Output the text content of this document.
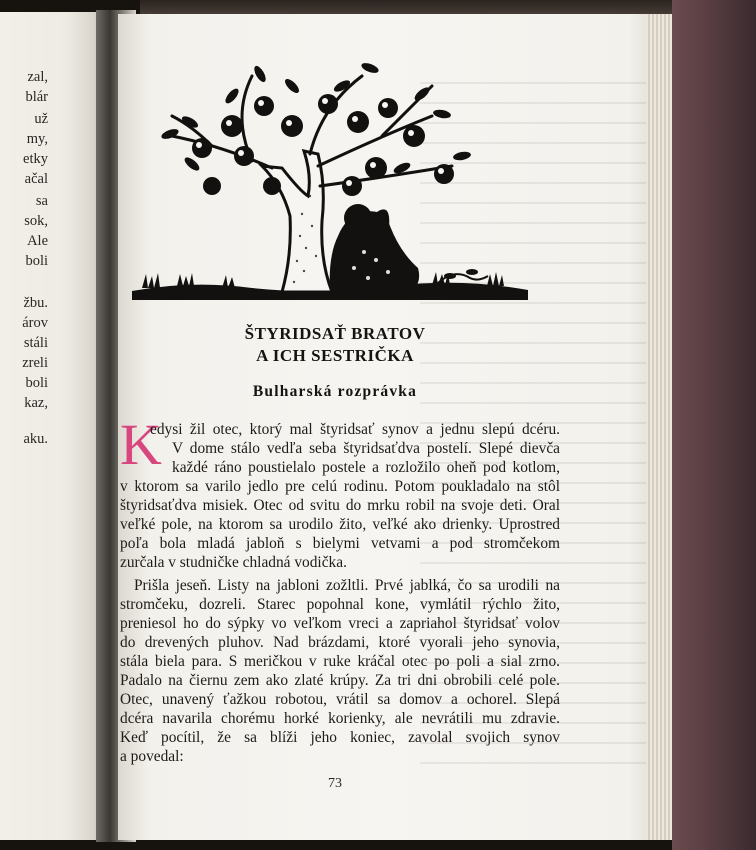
zal,
blár
už
my,
etky
ačal
sa
sok,
Ale
boli
žbu.
árov
stáli
zreli
boli
kaz,
aku.
ŠTYRIDSAŤ BRATOV
A ICH SESTRIČKA
Bulharská rozprávka
K
edysi žil otec, ktorý mal štyridsať synov a jednu slepú dcéru.
V dome stálo vedľa seba štyridsaťdva postelí. Slepé dievča
každé ráno poustielalo postele a rozložilo oheň pod kotlom,
v ktorom sa varilo jedlo pre celú rodinu. Potom poukladalo na stôl
štyridsaťdva misiek. Otec od svitu do mrku robil na svoje deti. Oral
veľké pole, na ktorom sa urodilo žito, veľké ako drienky. Uprostred
poľa bola mladá jabloň s bielymi vetvami a pod stromčekom
zurčala v studničke chladná vodička.
Prišla jeseň. Listy na jabloni zožltli. Prvé jablká, čo sa urodili na
stromčeku, dozreli. Starec popohnal kone, vymlátil rýchlo žito,
preniesol ho do sýpky vo veľkom vreci a zapriahol štyridsať volov
do drevených pluhov. Nad brázdami, ktoré vyorali jeho synovia,
stála biela para. S meričkou v ruke kráčal otec po poli a sial zrno.
Padalo na čiernu zem ako zlaté krúpy. Za tri dni obrobili celé pole.
Otec, unavený ťažkou robotou, vrátil sa domov a ochorel. Slepá
dcéra navarila chorému horké korienky, ale nevrátili mu zdravie.
Keď pocítil, že sa blíži jeho koniec, zavolal svojich synov
a povedal:
73
